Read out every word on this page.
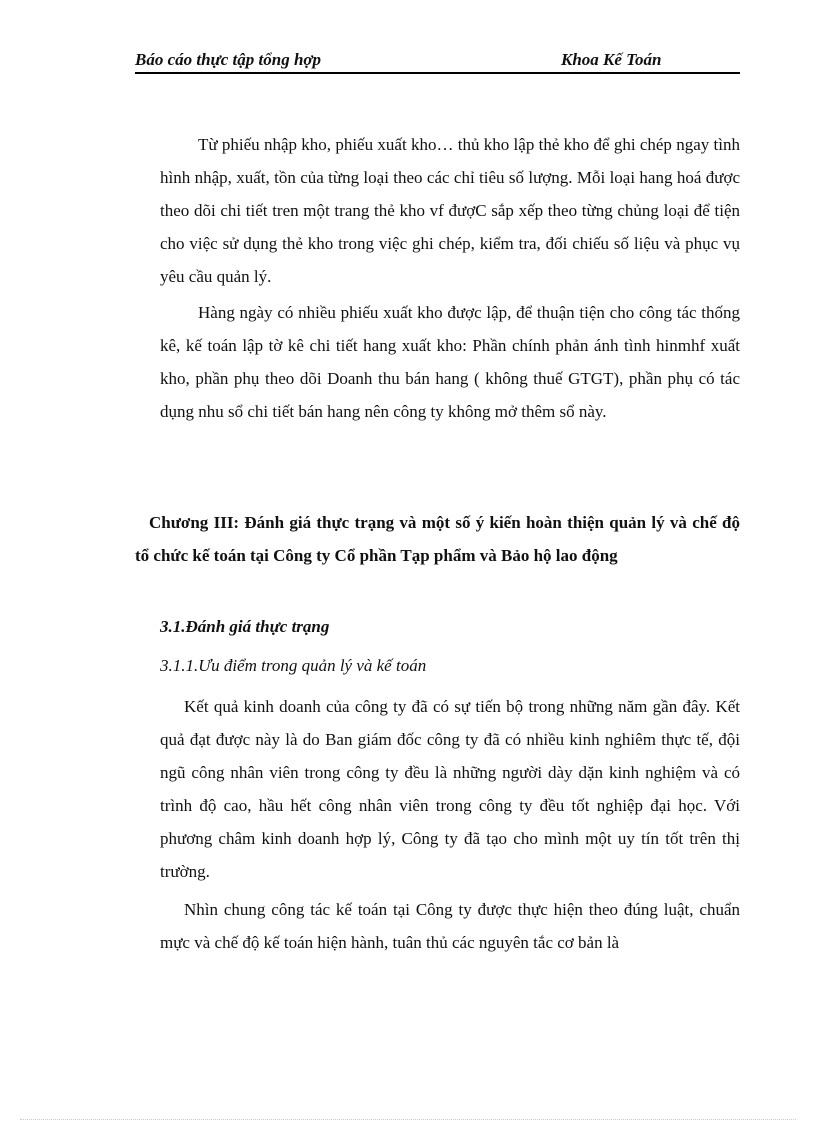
Báo cáo thực tập tổng hợp	Khoa Kế Toán

Từ phiếu nhập kho, phiếu xuất kho… thủ kho lập thẻ kho để ghi chép ngay tình hình nhập, xuất, tồn của từng loại theo các chỉ tiêu số lượng. Mỗi loại hang hoá được theo dõi chi tiết tren một trang thẻ kho vf đượC sắp xếp theo từng chủng loại để tiện cho việc sử dụng thẻ kho trong việc ghi chép, kiểm tra, đối chiếu số liệu và phục vụ yêu cầu quản lý.

Hàng ngày có nhiều phiếu xuất kho được lập, để thuận tiện cho công tác thống kê, kế toán lập tờ kê chi tiết hang xuất kho: Phần chính phản ánh tình hinmhf xuất kho, phần phụ theo dõi Doanh thu bán hang ( không thuế GTGT), phần phụ có tác dụng nhu sổ chi tiết bán hang nên công ty không mở thêm sổ này.

Chương III: Đánh giá thực trạng và một số ý kiến hoàn thiện quản lý và chế độ tổ chức kế toán tại Công ty Cổ phần Tạp phẩm và Bảo hộ lao động

3.1.Đánh giá thực trạng

3.1.1.Ưu điểm trong quản lý và kế toán

Kết quả kinh doanh của công ty đã có sự tiến bộ trong những năm gần đây. Kết quả đạt được này là do Ban giám đốc công ty đã có nhiều kinh nghiêm thực tế, đội ngũ công nhân viên trong công ty đều là những người dày dặn kinh nghiệm và có trình độ cao, hầu hết công nhân viên trong công ty đều tốt nghiệp đại học. Với phương châm kinh doanh hợp lý, Công ty đã tạo cho mình một uy tín tốt trên thị trường.

Nhìn chung công tác kế toán tại Công ty được thực hiện theo đúng luật, chuẩn mực và chế độ kế toán hiện hành, tuân thủ các nguyên tắc cơ bản là
